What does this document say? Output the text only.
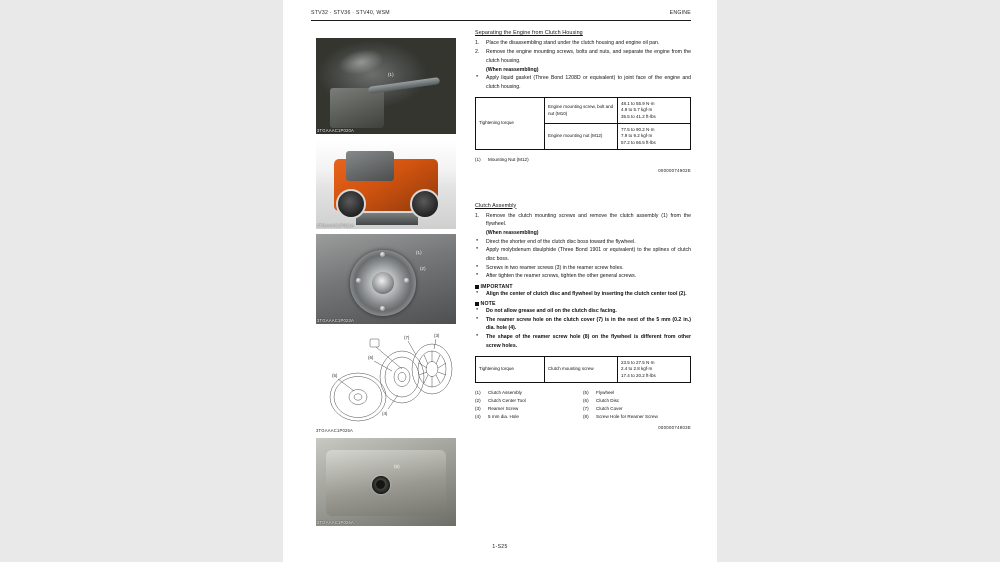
STV32 · STV36 · STV40, WSM	ENGINE
(1)
3TGAAAC1P020A
3TGAAAC1P021A
(1)
(2)
3TGAAAC1P023A
(5)
(6)
(7)	(3)
(4)
3TGAAAC1P025A
(8)
3TGAAAC1P026A
Separating the Engine from Clutch Housing
1. Place the disassembling stand under the clutch housing and engine oil pan.
2. Remove the engine mounting screws, bolts and nuts, and separate the engine from the clutch housing.
(When reassembling)
● Apply liquid gasket (Three Bond 1208D or equivalent) to joint face of the engine and clutch housing.
Tightening torque	Engine mounting screw, bolt and nut (M10)	48.1 to 55.9 N·m
4.9 to 5.7 kgf·m
35.5 to 41.2 ft-lbs

	Engine mounting nut (M12)	77.5 to 90.2 N·m
7.9 to 9.2 kgf·m
57.2 to 66.5 ft-lbs
(1)	Mounting Nut (M12)
00000074902E
Clutch Assembly
1. Remove the clutch mounting screws and remove the clutch assembly (1) from the flywheel.
(When reassembling)
● Direct the shorter end of the clutch disc boss toward the flywheel.
● Apply molybdenum disulphide (Three Bond 1901 or equivalent) to the splines of clutch disc boss.
● Screws in two reamer screws (3) in the reamer screw holes.
● After tighten the reamer screws, tighten the other general screws.
IMPORTANT
● Align the center of clutch disc and flywheel by inserting the clutch center tool (2).
NOTE
● Do not allow grease and oil on the clutch disc facing.
● The reamer screw hole on the clutch cover (7) is in the next of the 5 mm (0.2 in.) dia. hole (4).
● The shape of the reamer screw hole (8) on the flywheel is different from other screw holes.
Tightening torque	Clutch mounting screw	
23.5 to 27.5 N·m
2.4 to 2.8 kgf·m
17.4 to 20.2 ft-lbs
(1)	Clutch Assembly
(2)	Clutch Center Tool
(3)	Reamer Screw
(4)	5 mm dia. Hole
(5)	Flywheel
(6)	Clutch Disc
(7)	Clutch Cover
(8)	Screw Hole for Reamer Screw
00000074903E
1-S25
